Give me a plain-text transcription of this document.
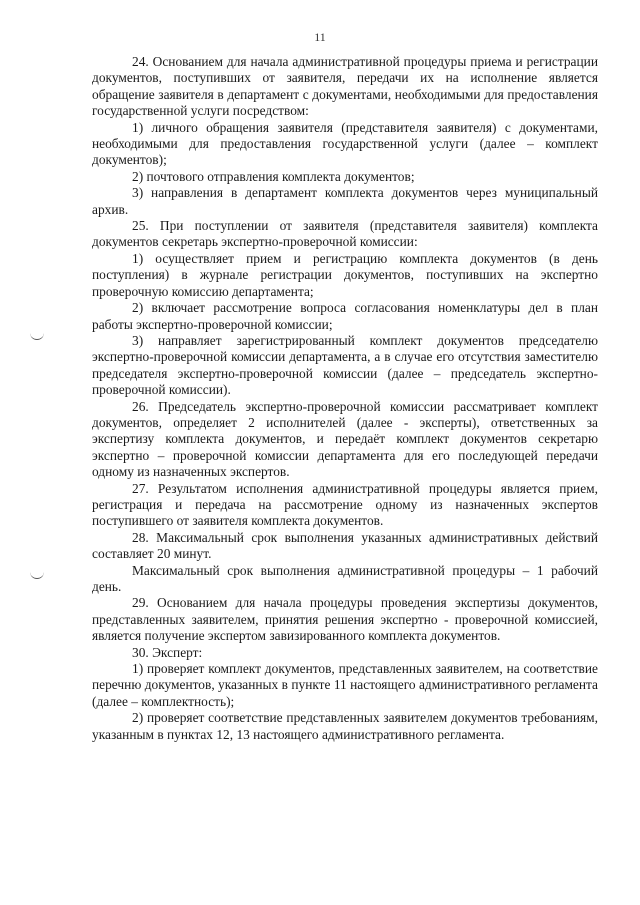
11

24. Основанием для начала административной процедуры приема и регистрации документов, поступивших от заявителя, передачи их на исполнение является обращение заявителя в департамент с документами, необходимыми для предоставления государственной услуги посредством:

1) личного обращения заявителя (представителя заявителя) с документами, необходимыми для предоставления государственной услуги (далее – комплект документов);

2) почтового отправления комплекта документов;

3) направления в департамент комплекта документов через муниципальный архив.

25. При поступлении от заявителя (представителя заявителя) комплекта документов секретарь экспертно-проверочной комиссии:

1) осуществляет прием и регистрацию комплекта документов (в день поступления) в журнале регистрации документов, поступивших на экспертно проверочную комиссию департамента;

2) включает рассмотрение вопроса согласования номенклатуры дел в план работы экспертно-проверочной комиссии;

3) направляет зарегистрированный комплект документов председателю экспертно-проверочной комиссии департамента, а в случае его отсутствия заместителю председателя экспертно-проверочной комиссии (далее – председатель экспертно-проверочной комиссии).

26. Председатель экспертно-проверочной комиссии рассматривает комплект документов, определяет 2 исполнителей (далее - эксперты), ответственных за экспертизу комплекта документов, и передаёт комплект документов секретарю экспертно – проверочной комиссии департамента для его последующей передачи одному из назначенных экспертов.

27. Результатом исполнения административной процедуры является прием, регистрация и передача на рассмотрение одному из назначенных экспертов поступившего от заявителя комплекта документов.

28. Максимальный срок выполнения указанных административных действий составляет 20 минут.

Максимальный срок выполнения административной процедуры – 1 рабочий день.

29. Основанием для начала процедуры проведения экспертизы документов, представленных заявителем, принятия решения экспертно - проверочной комиссией, является получение экспертом завизированного комплекта документов.

30. Эксперт:

1) проверяет комплект документов, представленных заявителем, на соответствие перечню документов, указанных в пункте 11 настоящего административного регламента (далее – комплектность);

2) проверяет соответствие представленных заявителем документов требованиям, указанным в пунктах 12, 13 настоящего административного регламента.
